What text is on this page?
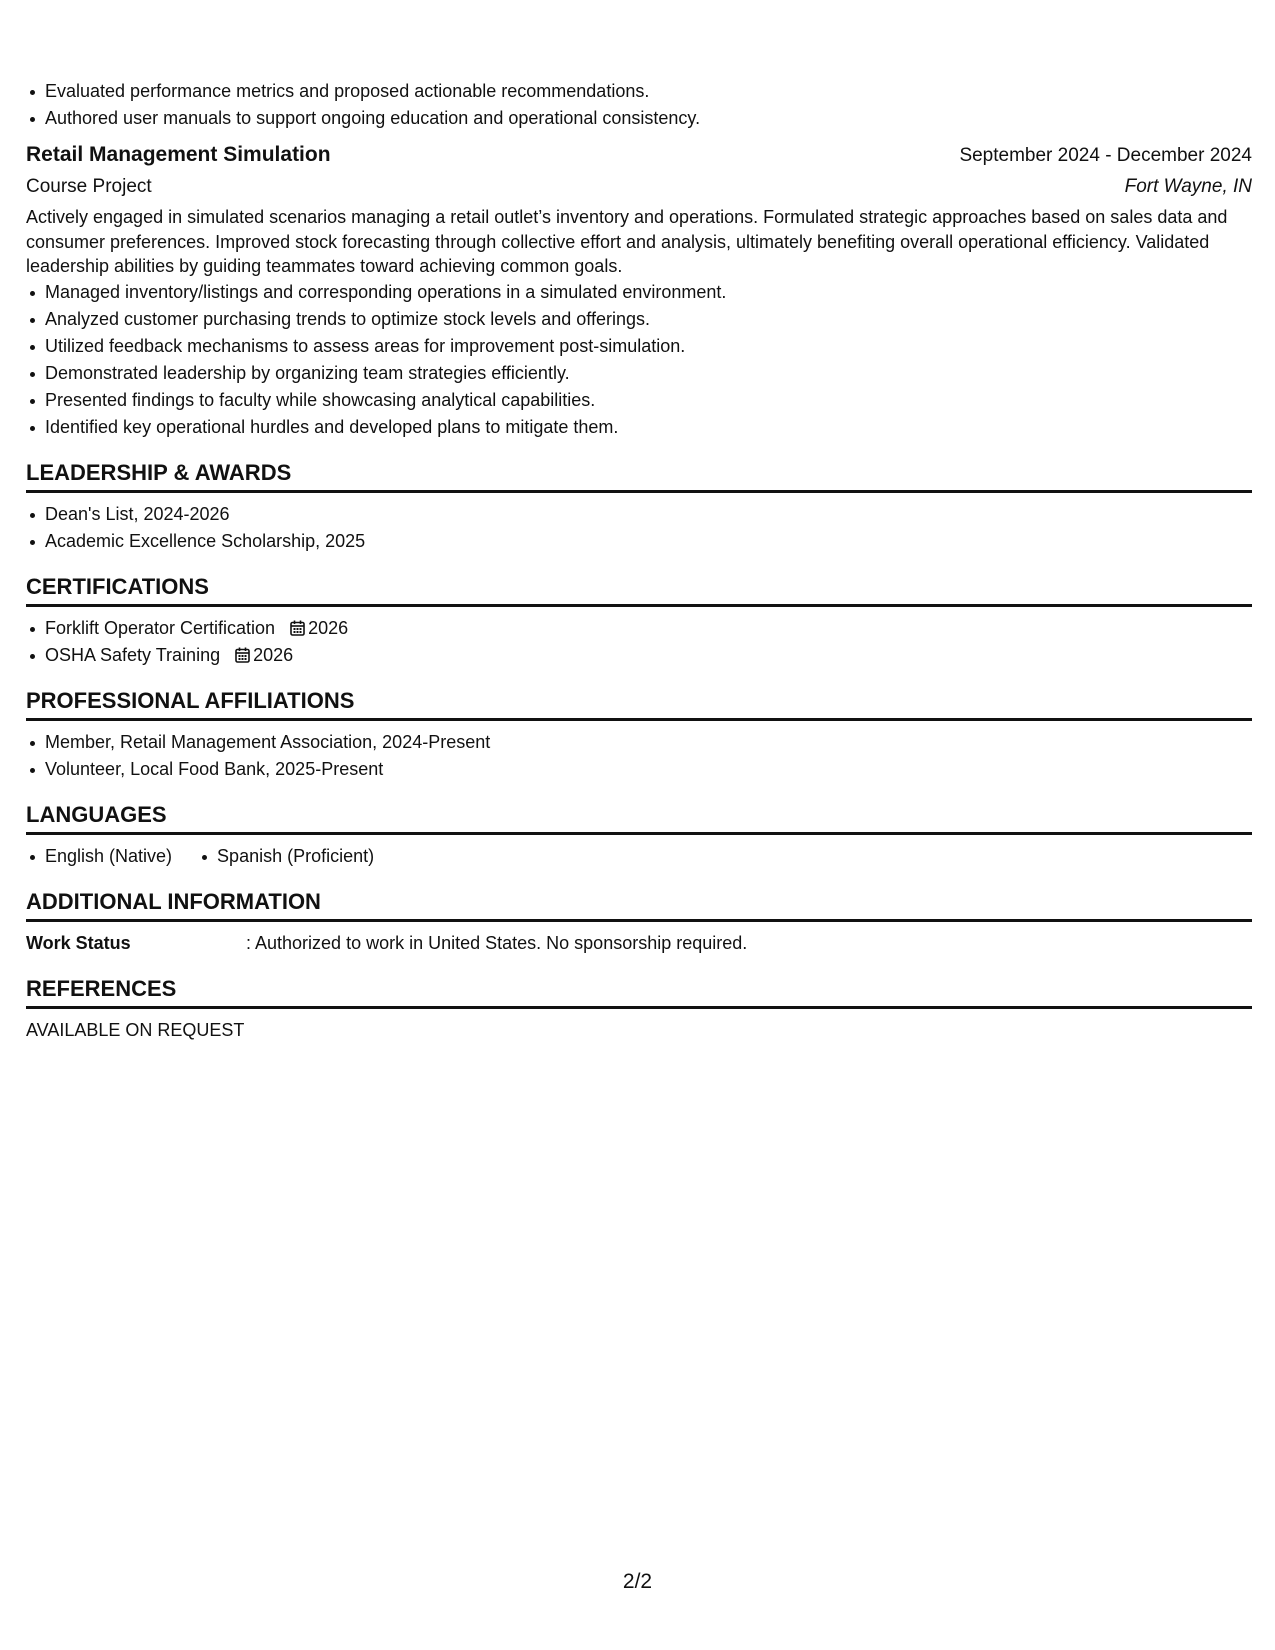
Evaluated performance metrics and proposed actionable recommendations.
Authored user manuals to support ongoing education and operational consistency.
Retail Management Simulation	September 2024 - December 2024
Course Project	Fort Wayne, IN

Actively engaged in simulated scenarios managing a retail outlet’s inventory and operations. Formulated strategic approaches based on sales data and consumer preferences. Improved stock forecasting through collective effort and analysis, ultimately benefiting overall operational efficiency. Validated leadership abilities by guiding teammates toward achieving common goals.

Managed inventory/listings and corresponding operations in a simulated environment.
Analyzed customer purchasing trends to optimize stock levels and offerings.
Utilized feedback mechanisms to assess areas for improvement post-simulation.
Demonstrated leadership by organizing team strategies efficiently.
Presented findings to faculty while showcasing analytical capabilities.
Identified key operational hurdles and developed plans to mitigate them.
LEADERSHIP & AWARDS
Dean's List, 2024-2026
Academic Excellence Scholarship, 2025
CERTIFICATIONS
Forklift Operator Certification 2026
OSHA Safety Training 2026
PROFESSIONAL AFFILIATIONS
Member, Retail Management Association, 2024-Present
Volunteer, Local Food Bank, 2025-Present
LANGUAGES
English (Native)	Spanish (Proficient)
ADDITIONAL INFORMATION
Work Status	: Authorized to work in United States. No sponsorship required.
REFERENCES
AVAILABLE ON REQUEST
2/2
